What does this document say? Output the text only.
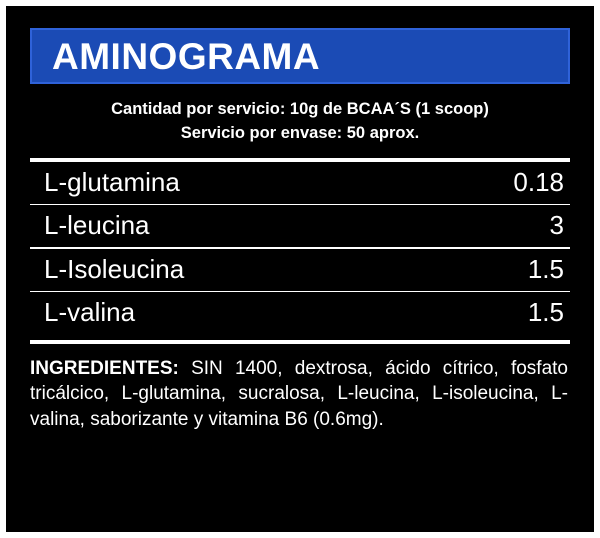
AMINOGRAMA
Cantidad por servicio: 10g de BCAA´S (1 scoop)
Servicio por envase: 50 aprox.
L-glutamina	0.18
L-leucina	3
L-Isoleucina	1.5
L-valina	1.5
INGREDIENTES: SIN 1400, dextrosa, ácido cítrico, fosfato tricálcico, L-glutamina, sucralosa, L-leucina, L-isoleucina, L-valina, saborizante y vitamina B6 (0.6mg).
